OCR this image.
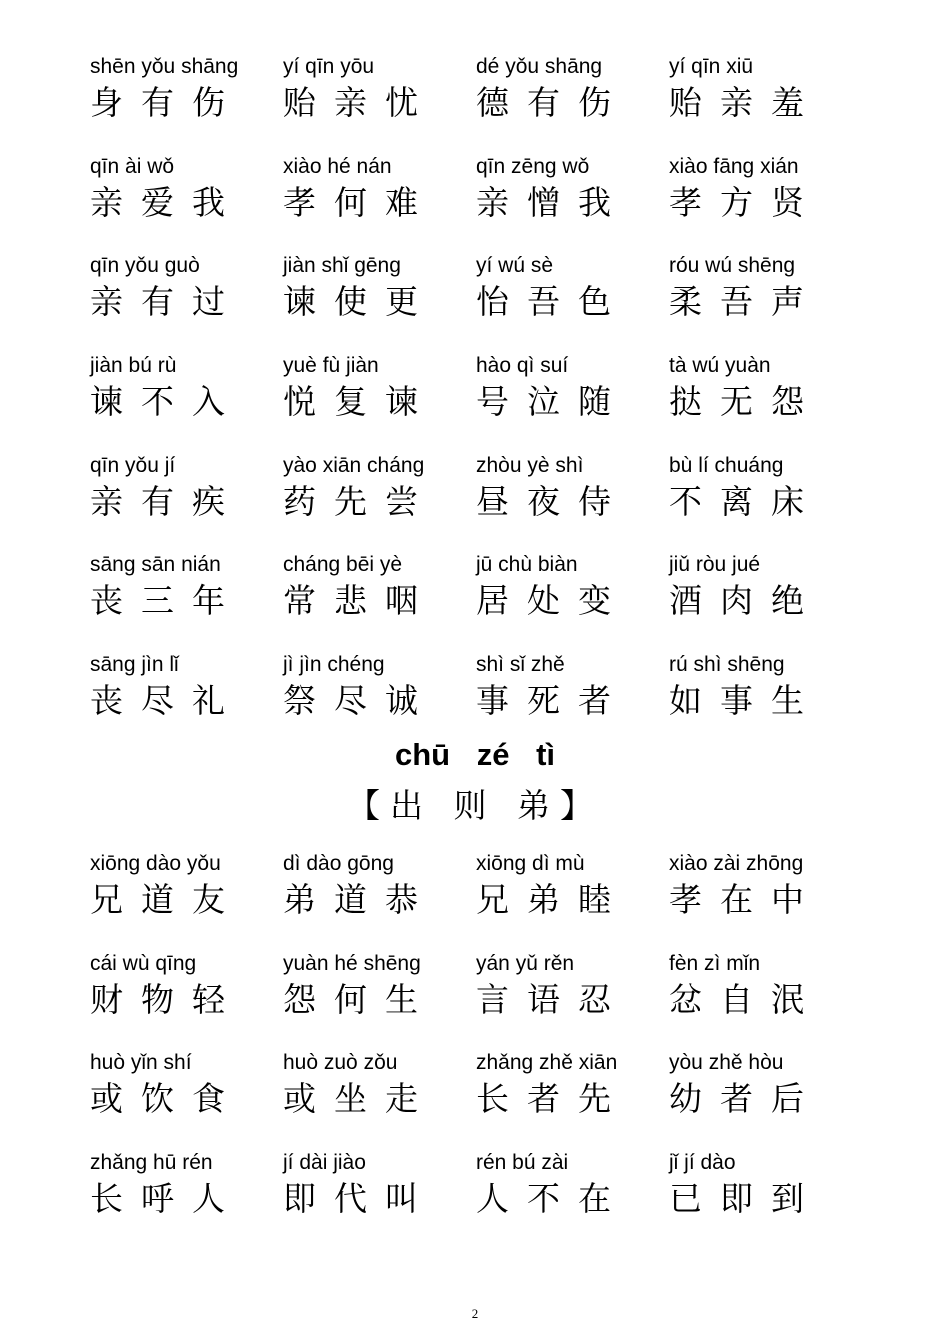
shēn yǒu shāng
身有伤
yí qīn yōu
贻亲忧
dé yǒu shāng
德有伤
yí qīn xiū
贻亲羞
qīn ài wǒ
亲爱我
xiào hé nán
孝何难
qīn zēng wǒ
亲憎我
xiào fāng xián
孝方贤
qīn yǒu guò
亲有过
jiàn shǐ gēng
谏使更
yí wú sè
怡吾色
róu wú shēng
柔吾声
jiàn bú rù
谏不入
yuè fù jiàn
悦复谏
hào qì suí
号泣随
tà wú yuàn
挞无怨
qīn yǒu jí
亲有疾
yào xiān cháng
药先尝
zhòu yè shì
昼夜侍
bù lí chuáng
不离床
sāng sān nián
丧三年
cháng bēi yè
常悲咽
jū chù biàn
居处变
jiǔ ròu jué
酒肉绝
sāng jìn lǐ
丧尽礼
jì jìn chéng
祭尽诚
shì sǐ zhě
事死者
rú shì shēng
如事生
chū zé tì
【出 则 弟】
xiōng dào yǒu
兄道友
dì dào gōng
弟道恭
xiōng dì mù
兄弟睦
xiào zài zhōng
孝在中
cái wù qīng
财物轻
yuàn hé shēng
怨何生
yán yǔ rěn
言语忍
fèn zì mǐn
忿自泯
huò yǐn shí
或饮食
huò zuò zǒu
或坐走
zhǎng zhě xiān
长者先
yòu zhě hòu
幼者后
zhǎng hū rén
长呼人
jí dài jiào
即代叫
rén bú zài
人不在
jǐ jí dào
已即到
2
